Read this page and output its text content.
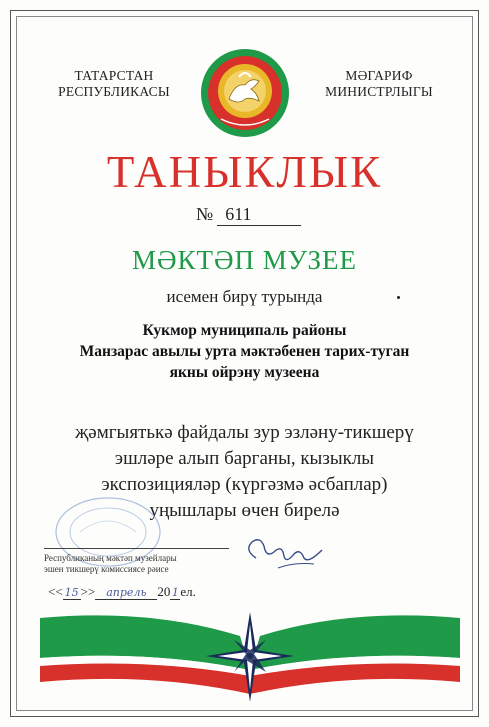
ТАТАРСТАН
РЕСПУБЛИКАСЫ
МӘГАРИФ
МИНИСТРЛЫГЫ
ТАНЫКЛЫК
№ 611
МӘКТӘП МУЗЕЕ
исемен бирү турында
Кукмор муниципаль районы
Манзарас авылы урта мәктәбенен тарих-туган
якны ойрэну музеена
җәмгыятькә файдалы зур эзләну-тикшерү
эшләре алып барганы, кызыклы
экспозицияләр (күргәзмә әсбаплар)
уңышлары өчен бирелә
Республиканың мәктәп музейлары
эшен тикшерү комиссиясе рәисе
<< 15 >> апрель 20 1 ел.
